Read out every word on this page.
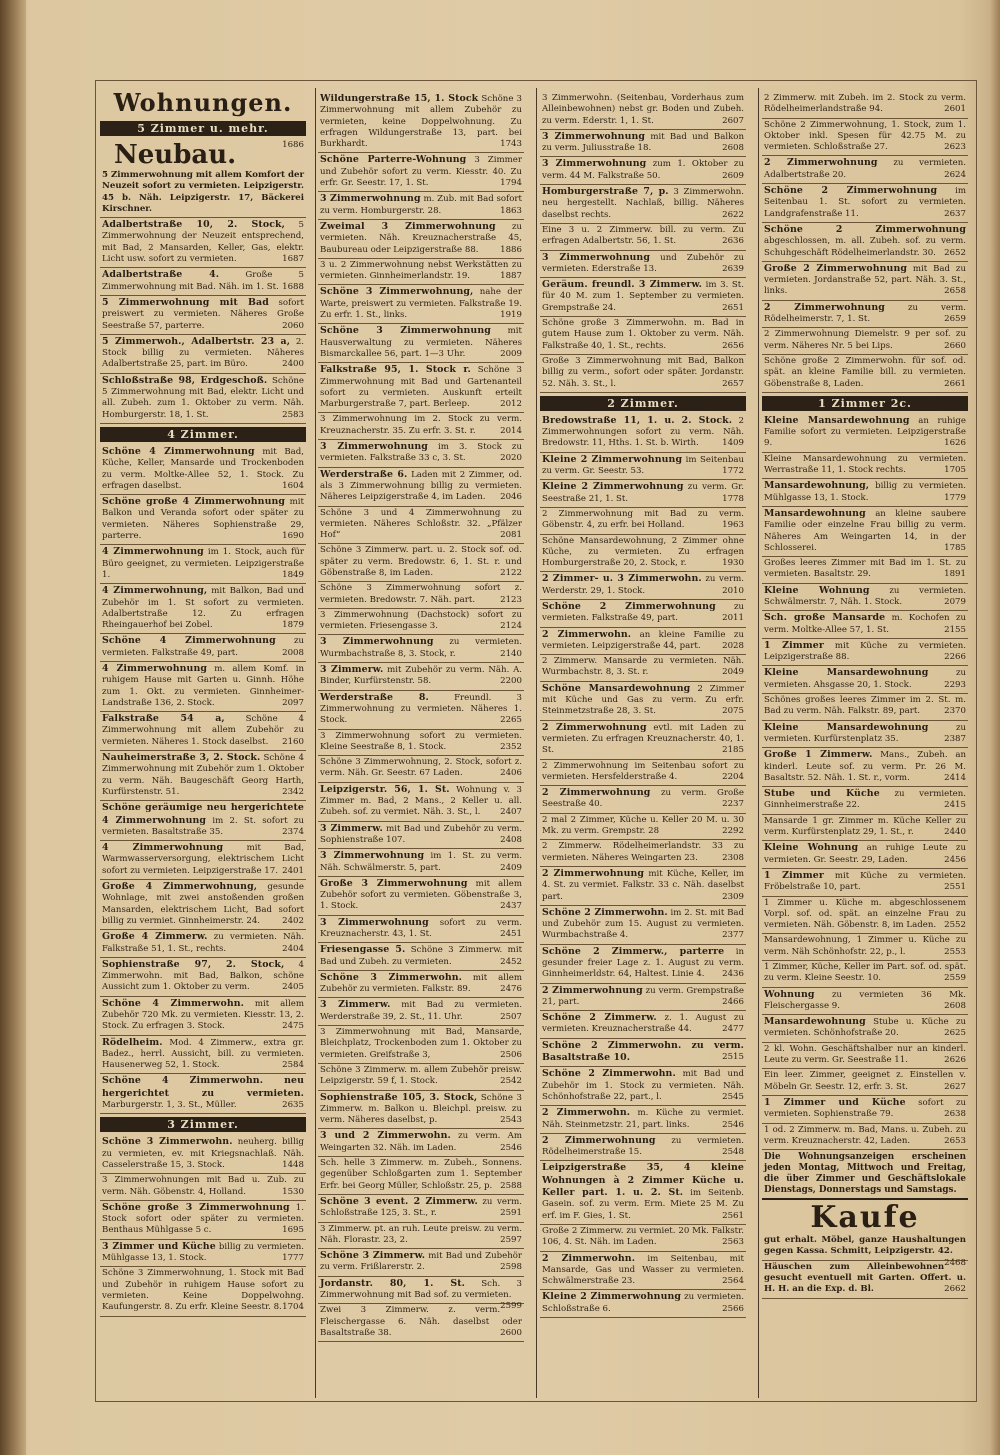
Wohnungen.
5 Zimmer u. mehr.
1686
Neubau.
5 Zimmerwohnung mit allem Komfort der Neuzeit sofort zu vermieten. Leipzigerstr. 45 b. Näh. Leipzigerstr. 17, Bäckerei Kirschner.
Adalbertstraße 10, 2. Stock, 5 Zimmerwohnung der Neuzeit entsprechend, mit Bad, 2 Mansarden, Keller, Gas, elektr. Licht usw. sofort zu vermieten.	1687
Adalbertstraße 4.	Große 5 Zimmerwohnung mit Bad. Näh. im 1. St. 1688
5 Zimmerwohnung mit Bad sofort preiswert zu vermieten. Näheres Große Seestraße 57, parterre.	2060
5 Zimmerwoh., Adalbertstr. 23 a, 2. Stock billig zu vermieten. Näheres Adalbertstraße 25, part. im Büro.	2400
Schloßstraße 98, Erdgeschoß. Schöne 5 Zimmerwohnung mit Bad, elektr. Licht und all. Zubeh. zum 1. Oktober zu verm. Näh. Homburgerstr. 18, 1. St.	2583
4 Zimmer.
Schöne 4 Zimmerwohnung mit Bad, Küche, Keller, Mansarde und Trockenboden zu verm. Moltke-Allee 52, 1. Stock. Zu erfragen daselbst.	1604
Schöne große 4 Zimmerwohnung mit Balkon und Veranda sofort oder später zu vermieten. Näheres Sophienstraße 29, parterre.	1690
4 Zimmerwohnung im 1. Stock, auch für Büro geeignet, zu vermieten. Leipzigerstraße 1.	1849
4 Zimmerwohnung, mit Balkon, Bad und Zubehör im 1. St sofort zu vermieten. Adalbertstraße 12. Zu erfragen Rheingauerhof bei Zobel.	1879
Schöne 4 Zimmerwohnung zu vermieten. Falkstraße 49, part.	2008
4 Zimmerwohnung m. allem Komf. in ruhigem Hause mit Garten u. Ginnh. Höhe zum 1. Okt. zu vermieten. Ginnheimer-Landstraße 136, 2. Stock.	2097
Falkstraße 54 a, Schöne 4 Zimmerwohnung mit allem Zubehör zu vermieten. Näheres 1. Stock daselbst. 2160
Nauheimerstraße 3, 2. Stock. Schöne 4 Zimmerwohnung mit Zubehör zum 1. Oktober zu verm. Näh. Baugeschäft Georg Harth, Kurfürstenstr. 51.	2342
Schöne geräumige neu hergerichtete 4 Zimmerwohnung im 2. St. sofort zu vermieten. Basaltstraße 35.	2374
4 Zimmerwohnung	mit Bad, Warmwasserversorgung, elektrischem Licht sofort zu vermieten. Leipzigerstraße 17. 2401
Große 4 Zimmerwohnung, gesunde Wohnlage, mit zwei anstoßenden großen Mansarden, elektrischem Licht, Bad sofort billig zu vermiet. Ginnheimerstr. 24.	2402
Große 4 Zimmerw. zu vermieten. Näh. Falkstraße 51, 1. St., rechts.	2404
Sophienstraße 97, 2. Stock, 4 Zimmerwohn. mit Bad, Balkon, schöne Aussicht zum 1. Oktober zu verm.	2405
Schöne 4 Zimmerwohn. mit allem Zubehör 720 Mk. zu vermieten. Kiesstr. 13, 2. Stock. Zu erfragen 3. Stock.	2475
Rödelheim. Mod. 4 Zimmerw., extra gr. Badez., herrl. Aussicht, bill. zu vermieten. Hausenerweg 52, 1. Stock.	2584
Schöne 4 Zimmerwohn. neu hergerichtet zu vermieten. Marburgerstr. 1, 3. St., Müller.	2635
3 Zimmer.
Schöne 3 Zimmerwohn. neuherg. billig zu vermieten, ev. mit Kriegsnachlaß. Näh. Casselerstraße 15, 3. Stock.	1448
3 Zimmerwohnungen mit Bad u. Zub. zu verm. Näh. Göbenstr. 4, Holland.	1530
Schöne große 3 Zimmerwohnung 1. Stock sofort oder später zu vermieten. Benthaus Mühlgasse 5 c.	1695
3 Zimmer und Küche billig zu vermieten. Mühlgasse 13, 1. Stock.	1777
Schöne 3 Zimmerwohnung, 1. Stock mit Bad und Zubehör in ruhigem Hause sofort zu vermieten. Keine Doppelwohng. Kaufungerstr. 8. Zu erfr. Kleine Seestr. 8. 1704
Wildungerstraße 15, 1. Stock Schöne 3 Zimmerwohnung mit allem Zubehör zu vermieten, keine Doppelwohnung. Zu erfragen Wildungerstraße 13, part. bei Burkhardt.	1743
Schöne Parterre-Wohnung 3 Zimmer und Zubehör sofort zu verm. Kiesstr. 40. Zu erfr. Gr. Seestr. 17, 1. St.	1794
3 Zimmerwohnung m. Zub. mit Bad sofort zu verm. Homburgerstr. 28.	1863
Zweimal 3 Zimmerwohnung zu vermieten. Näh. Kreuznacherstraße 45, Baubureau oder Leipzigerstraße 88.	1886
3 u. 2 Zimmerwohnung nebst Werkstätten zu vermieten. Ginnheimerlandstr. 19.	1887
Schöne 3 Zimmerwohnung, nahe der Warte, preiswert zu vermieten. Falkstraße 19. Zu erfr. 1. St., links.	1919
Schöne 3 Zimmerwohnung mit Hausverwaltung zu vermieten. Näheres Bismarckallee 56, part. 1—3 Uhr.	2009
Falkstraße 95, 1. Stock r. Schöne 3 Zimmerwohnung mit Bad und Gartenanteil sofort zu vermieten. Auskunft erteilt Marburgerstraße 7, part. Berleep.	2012
3 Zimmerwohnung im 2. Stock zu verm. Kreuznacherstr. 35. Zu erfr. 3. St. r.	2014
3 Zimmerwohnung im 3. Stock zu vermieten. Falkstraße 33 c, 3. St.	2020
Werderstraße 6. Laden mit 2 Zimmer, od. als 3 Zimmerwohnung billig zu vermieten. Näheres Leipzigerstraße 4, im Laden. 2046
Schöne 3 und 4 Zimmerwohnung zu vermieten. Näheres Schloßstr. 32. „Pfälzer Hof“	2081
Schöne 3 Zimmerw. part. u. 2. Stock sof. od. später zu verm. Bredowstr. 6, 1. St. r. und Göbenstraße 8, im Laden.	2122
Schöne 3 Zimmerwohnung sofort z. vermieten. Bredowstr. 7. Näh. part.	2123
3 Zimmerwohnung (Dachstock) sofort zu vermieten. Friesengasse 3.	2124
3 Zimmerwohnung zu vermieten. Wurmbachstraße 8, 3. Stock, r.	2140
3 Zimmerw. mit Zubehör zu verm. Näh. A. Binder, Kurfürstenstr. 58.	2200
Werderstraße 8.	Freundl. 3 Zimmerwohnung zu vermieten. Näheres 1. Stock.	2265
3 Zimmerwohnung sofort zu vermieten. Kleine Seestraße 8, 1. Stock.	2352
Schöne 3 Zimmerwohnung, 2. Stock, sofort z. verm. Näh. Gr. Seestr. 67 Laden.	2406
Leipzigerstr. 56, 1. St. Wohnung v. 3 Zimmer m. Bad, 2 Mans., 2 Keller u. all. Zubeh. sof. zu vermiet. Näh. 3. St., l. 2407
3 Zimmerw. mit Bad und Zubehör zu verm. Sophienstraße 107.	2408
3 Zimmerwohnung im 1. St. zu verm. Näh. Schwälmerstr. 5, part.	2409
Große 3 Zimmerwohnung mit allem Zubehör sofort zu vermieten. Göbenstraße 3, 1. Stock.	2437
3 Zimmerwohnung sofort zu verm. Kreuznacherstr. 43, 1. St.	2451
Friesengasse 5. Schöne 3 Zimmerw. mit Bad und Zubeh. zu vermieten.	2452
Schöne 3 Zimmerwohn. mit allem Zubehör zu vermieten. Falkstr. 89.	2476
3 Zimmerw. mit Bad zu vermieten. Werderstraße 39, 2. St., 11. Uhr.	2507
3 Zimmerwohnung mit Bad, Mansarde, Bleichplatz, Trockenboden zum 1. Oktober zu vermieten. Greifstraße 3,	2506
Schöne 3 Zimmerw. m. allem Zubehör preisw. Leipzigerstr. 59 f, 1. Stock.	2542
Sophienstraße 105, 3. Stock, Schöne 3 Zimmerw. m. Balkon u. Bleichpl. preisw. zu verm. Näheres daselbst, p.	2543
3 und 2 Zimmerwohn. zu verm. Am Weingarten 32. Näh. im Laden.	2546
Sch. helle 3 Zimmerw. m. Zubeh., Sonnens. gegenüber Schloßgarten zum 1. September Erfr. bei Georg Müller, Schloßstr. 25, p. 2588
Schöne 3 event. 2 Zimmerw. zu verm. Schloßstraße 125, 3. St., r.	2591
3 Zimmerw. pt. an ruh. Leute preisw. zu verm. Näh. Florastr. 23, 2.	2597
Schöne 3 Zimmerw. mit Bad und Zubehör zu verm. Frißlarerstr. 2.	2598
Jordanstr. 80, 1. St. Sch. 3 Zimmerwohnung mit Bad sof. zu vermieten.
2599
Zwei 3 Zimmerw. z. verm. Fleischergasse 6. Näh. daselbst oder Basaltstraße 38.	2600
3 Zimmerwohn. (Seitenbau, Vorderhaus zum Alleinbewohnen) nebst gr. Boden und Zubeh. zu verm. Ederstr. 1, 1. St.	2607
3 Zimmerwohnung mit Bad und Balkon zu verm. Juliusstraße 18.	2608
3 Zimmerwohnung zum 1. Oktober zu verm. 44 M. Falkstraße 50.	2609
Homburgerstraße 7, p. 3 Zimmerwohn. neu hergestellt. Nachlaß, billig. Näheres daselbst rechts.	2622
Eine 3 u. 2 Zimmerw. bill. zu verm. Zu erfragen Adalbertstr. 56, 1. St.	2636
3 Zimmerwohnung und Zubehör zu vermieten. Ederstraße 13.	2639
Geräum. freundl. 3 Zimmerw. im 3. St. für 40 M. zum 1. September zu vermieten. Grempstraße 24.	2651
Schöne große 3 Zimmerwohn. m. Bad in gutem Hause zum 1. Oktober zu verm. Näh. Falkstraße 40, 1. St., rechts.	2656
Große 3 Zimmerwohnung mit Bad, Balkon billig zu verm., sofort oder später. Jordanstr. 52. Näh. 3. St., l.	2657
2 Zimmer.
Bredowstraße 11, 1. u. 2. Stock. 2 Zimmerwohnungen sofort zu verm. Näh. Bredowstr. 11, Hths. 1. St. b. Wirth.	1409
Kleine 2 Zimmerwohnung im Seitenbau zu verm. Gr. Seestr. 53.	1772
Kleine 2 Zimmerwohnung zu verm. Gr. Seestraße 21, 1. St.	1778
2 Zimmerwohnung mit Bad zu verm. Göbenstr. 4, zu erfr. bei Holland.	1963
Schöne Mansardewohnung, 2 Zimmer ohne Küche, zu vermieten. Zu erfragen Homburgerstraße 20, 2. Stock, r.	1930
2 Zimmer- u. 3 Zimmerwohn. zu verm. Werderstr. 29, 1. Stock.	2010
Schöne 2 Zimmerwohnung zu vermieten. Falkstraße 49, part.	2011
2 Zimmerwohn. an kleine Familie zu vermieten. Leipzigerstraße 44, part.	2028
2 Zimmerw. Mansarde zu vermieten. Näh. Wurmbachstr. 8, 3. St. r.	2049
Schöne Mansardewohnung 2 Zimmer mit Küche und Gas zu verm. Zu erfr. Steinmetzstraße 28, 3. St.	2075
2 Zimmerwohnung evtl. mit Laden zu vermieten. Zu erfragen Kreuznacherstr. 40, 1. St.	2185
2 Zimmerwohnung im Seitenbau sofort zu vermieten. Hersfelderstraße 4.	2204
2 Zimmerwohnung zu verm. Große Seestraße 40.	2237
2 mal 2 Zimmer, Küche u. Keller 20 M. u. 30 Mk. zu verm. Grempstr. 28	2292
2 Zimmerw. Rödelheimerlandstr. 33 zu vermieten. Näheres Weingarten 23.	2308
2 Zimmerwohnung mit Küche, Keller, im 4. St. zu vermiet. Falkstr. 33 c. Näh. daselbst part.	2309
Schöne 2 Zimmerwohn. im 2. St. mit Bad und Zubehör zum 15. August zu vermieten. Wurmbachstraße 4.	2377
Schöne 2 Zimmerw., parterre in gesunder freier Lage z. 1. August zu verm. Ginnheimerldstr. 64, Haltest. Linie 4. 2436
2 Zimmerwohnung zu verm. Grempstraße 21, part.	2466
Schöne 2 Zimmerw. z. 1. August zu vermieten. Kreuznacherstraße 44.	2477
Schöne 2 Zimmerwohn. zu verm. Basaltstraße 10.	2515
Schöne 2 Zimmerwohn. mit Bad und Zubehör im 1. Stock zu vermieten. Näh. Schönhofstraße 22, part., l.	2545
2 Zimmerwohn. m. Küche zu vermiet. Näh. Steinmetzstr. 21, part. links.	2546
2 Zimmerwohnung zu vermieten. Rödelheimerstraße 15.	2548
Leipzigerstraße 35, 4 kleine Wohnungen à 2 Zimmer Küche u. Keller part. 1. u. 2. St. im Seitenb. Gasein. sof. zu verm. Erm. Miete 25 M. Zu erf. im F. Gies, 1. St.	2561
Große 2 Zimmerw. zu vermiet. 20 Mk. Falkstr. 106, 4. St. Näh. im Laden.	2563
2 Zimmerwohn. im Seitenbau, mit Mansarde, Gas und Wasser zu vermieten. Schwälmerstraße 23.	2564
Kleine 2 Zimmerwohnung zu vermieten. Schloßstraße 6.	2566
2 Zimmerw. mit Zubeh. im 2. Stock zu verm. Rödelheimerlandstraße 94.	2601
Schöne 2 Zimmerwohnung, 1. Stock, zum 1. Oktober inkl. Spesen für 42.75 M. zu vermieten. Schloßstraße 27.	2623
2 Zimmerwohnung zu vermieten. Adalbertstraße 20.	2624
Schöne 2 Zimmerwohnung im Seitenbau 1. St. sofort zu vermieten. Landgrafenstraße 11.	2637
Schöne 2 Zimmerwohnung abgeschlossen, m. all. Zubeh. sof. zu verm. Schuhgeschäft Rödelheimerlandstr. 30. 2652
Große 2 Zimmerwohnung mit Bad zu vermieten. Jordanstraße 52, part. Näh. 3. St., links.	2658
2 Zimmerwohnung	zu verm. Rödelheimerstr. 7, 1. St.	2659
2 Zimmerwohnung Diemelstr. 9 per sof. zu verm. Näheres Nr. 5 bei Lips.	2660
Schöne große 2 Zimmerwohn. für sof. od. spät. an kleine Familie bill. zu vermieten. Göbenstraße 8, Laden.	2661
1 Zimmer 2c.
Kleine Mansardewohnung an ruhige Familie sofort zu vermieten. Leipzigerstraße 9.	1626
Kleine Mansardewohnung zu vermieten. Werrastraße 11, 1. Stock rechts.	1705
Mansardewohnung, billig zu vermieten. Mühlgasse 13, 1. Stock.	1779
Mansardewohnung an kleine saubere Familie oder einzelne Frau billig zu verm. Näheres Am Weingarten 14, in der Schlosserei.	1785
Großes leeres Zimmer mit Bad im 1. St. zu vermieten. Basaltstr. 29.	1891
Kleine Wohnung zu vermieten. Schwälmerstr. 7, Näh. 1. Stock.	2079
Sch. große Mansarde m. Kochofen zu verm. Moltke-Allee 57, 1. St.	2155
1 Zimmer mit Küche zu vermieten. Leipzigerstraße 88.	2266
Kleine Mansardewohnung	zu vermieten. Ahsgasse 20, 1. Stock.	2293
Schönes großes leeres Zimmer im 2. St. m. Bad zu verm. Näh. Falkstr. 89, part.	2370
Kleine Mansardewohnung	zu vermieten. Kurfürstenplatz 35.	2387
Große 1 Zimmerw. Mans., Zubeh. an kinderl. Leute sof. zu verm. Pr. 26 M. Basaltstr. 52. Näh. 1. St. r., vorm.	2414
Stube und Küche zu vermieten. Ginnheimerstraße 22.	2415
Mansarde 1 gr. Zimmer m. Küche Keller zu verm. Kurfürstenplatz 29, 1. St., r.	2440
Kleine Wohnung an ruhige Leute zu vermieten. Gr. Seestr. 29, Laden.	2456
1 Zimmer mit Küche zu vermieten. Fröbelstraße 10, part.	2551
1 Zimmer u. Küche m. abgeschlossenem Vorpl. sof. od. spät. an einzelne Frau zu vermieten. Näh. Göbenstr. 8, im Laden. 2552
Mansardewohnung, 1 Zimmer u. Küche zu verm. Näh Schönhofstr. 22, p., l.	2553
1 Zimmer, Küche, Keller im Part. sof. od. spät. zu verm. Kleine Seestr. 10.	2559
Wohnung zu vermieten 36 Mk. Fleischergasse 9.	2608
Mansardewohnung Stube u. Küche zu vermieten. Schönhofstraße 20.	2625
2 kl. Wohn. Geschäftshalber nur an kinderl. Leute zu verm. Gr. Seestraße 11.	2626
Ein leer. Zimmer, geeignet z. Einstellen v. Möbeln Gr. Seestr. 12, erfr. 3. St.	2627
1 Zimmer und Küche sofort zu vermieten. Sophienstraße 79.	2638
1 od. 2 Zimmerw. m. Bad, Mans. u. Zubeh. zu verm. Kreuznacherstr. 42, Laden.	2653
Die Wohnungsanzeigen erscheinen jeden Montag, Mittwoch und Freitag, die über Zimmer und Geschäftslokale Dienstags, Donnerstags und Samstags.
Kaufe
gut erhalt. Möbel, ganze Haushaltungen gegen Kassa. Schmitt, Leipzigerstr. 42.
2468
Häuschen zum Alleinbewohnen gesucht eventuell mit Garten. Offert. u. H. H. an die Exp. d. Bl.	2662
